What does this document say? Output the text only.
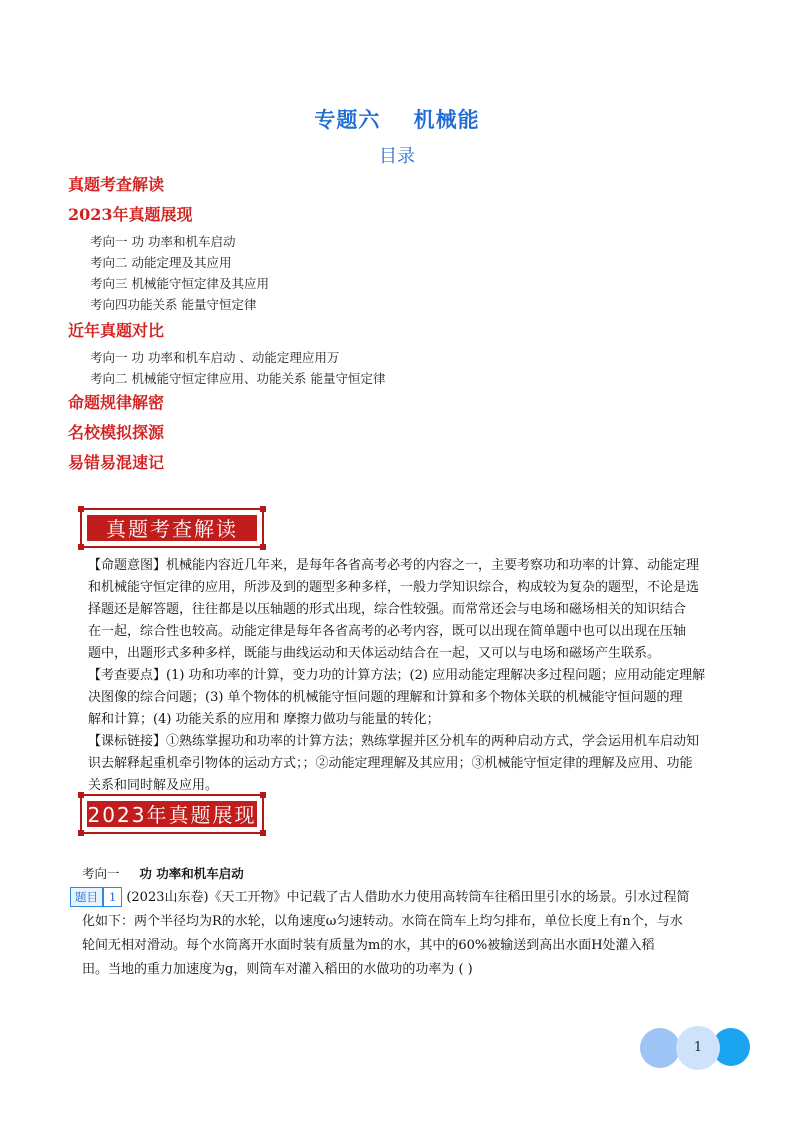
专题六    机械能
目录
真题考查解读
2023年真题展现
考向一 功 功率和机车启动
考向二 动能定理及其应用
考向三 机械能守恒定律及其应用
考向四功能关系 能量守恒定律
近年真题对比
考向一 功 功率和机车启动 、动能定理应用万
考向二 机械能守恒定律应用、功能关系 能量守恒定律
命题规律解密
名校模拟探源
易错易混速记
真题考查解读
【命题意图】机械能内容近几年来，是每年各省高考必考的内容之一，主要考察功和功率的计算、动能定理
和机械能守恒定律的应用，所涉及到的题型多种多样，一般力学知识综合，构成较为复杂的题型，不论是选
择题还是解答题，往往都是以压轴题的形式出现，综合性较强。而常常还会与电场和磁场相关的知识结合
在一起，综合性也较高。动能定律是每年各省高考的必考内容，既可以出现在简单题中也可以出现在压轴
题中，出题形式多种多样，既能与曲线运动和天体运动结合在一起，又可以与电场和磁场产生联系。
【考查要点】(1) 功和功率的计算，变力功的计算方法；(2) 应用动能定理解决多过程问题；应用动能定理解
决图像的综合问题；(3) 单个物体的机械能守恒问题的理解和计算和多个物体关联的机械能守恒问题的理
解和计算；(4) 功能关系的应用和 摩擦力做功与能量的转化；
【课标链接】①熟练掌握功和功率的计算方法；熟练掌握并区分机车的两种启动方式，学会运用机车启动知
识去解释起重机牵引物体的运动方式；；②动能定理理解及其应用；③机械能守恒定律的理解及应用、功能
关系和同时解及应用。
2023年真题展现
考向一 功 功率和机车启动
题目 1 (2023山东卷)《天工开物》中记载了古人借助水力使用高转筒车往稻田里引水的场景。引水过程简
化如下：两个半径均为R的水轮，以角速度ω匀速转动。水筒在筒车上均匀排布，单位长度上有n个，与水
轮间无相对滑动。每个水筒离开水面时装有质量为m的水，其中的60%被输送到高出水面H处灌入稻
田。当地的重力加速度为g，则筒车对灌入稻田的水做功的功率为 ( )
1
